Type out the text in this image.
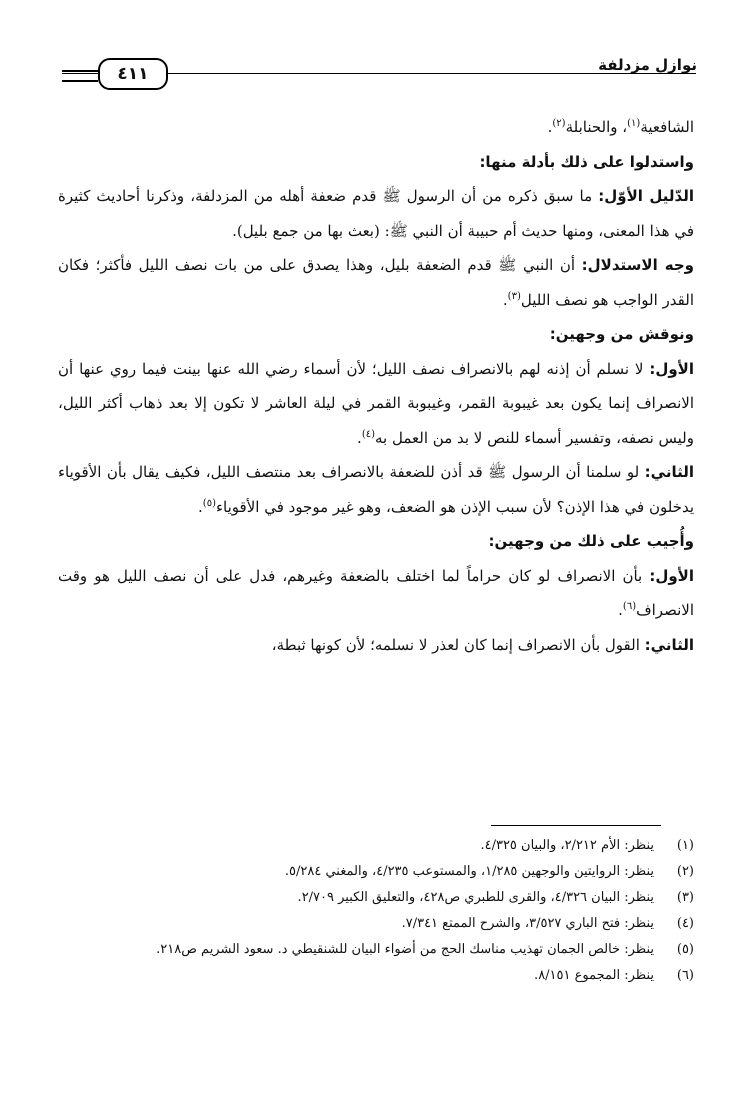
نوازل مزدلفة
٤١١

الشافعية$^{(١)}$، والحنابلة$^{(٢)}$.

واستدلوا على ذلك بأدلة منها:

الدّليل الأوّل: ما سبق ذكره من أن الرسول ﷺ قدم ضعفة أهله من المزدلفة، وذكرنا أحاديث كثيرة في هذا المعنى، ومنها حديث أم حبيبة أن النبي ﷺ: (بعث بها من جمع بليل).

وجه الاستدلال: أن النبي ﷺ قدم الضعفة بليل، وهذا يصدق على من بات نصف الليل فأكثر؛ فكان القدر الواجب هو نصف الليل$^{(٣)}$.

ونوقش من وجهين:

الأول: لا نسلم أن إذنه لهم بالانصراف نصف الليل؛ لأن أسماء رضي الله عنها بينت فيما روي عنها أن الانصراف إنما يكون بعد غيبوبة القمر، وغيبوبة القمر في ليلة العاشر لا تكون إلا بعد ذهاب أكثر الليل، وليس نصفه، وتفسير أسماء للنص لا بد من العمل به$^{(٤)}$.

الثاني: لو سلمنا أن الرسول ﷺ قد أذن للضعفة بالانصراف بعد منتصف الليل، فكيف يقال بأن الأقوياء يدخلون في هذا الإذن؟ لأن سبب الإذن هو الضعف، وهو غير موجود في الأقوياء$^{(٥)}$.

وأُجيب على ذلك من وجهين:

الأول: بأن الانصراف لو كان حراماً لما اختلف بالضعفة وغيرهم، فدل على أن نصف الليل هو وقت الانصراف$^{(٦)}$.

الثاني: القول بأن الانصراف إنما كان لعذر لا نسلمه؛ لأن كونها ثبطة،

(١)ينظر: الأم ٢/٢١٢، والبيان ٤/٣٢٥.

(٢)ينظر: الروايتين والوجهين ١/٢٨٥، والمستوعب ٤/٢٣٥، والمغني ٥/٢٨٤.

(٣)ينظر: البيان ٤/٣٢٦، والقرى للطبري ص٤٢٨، والتعليق الكبير ٢/٧٠٩.

(٤)ينظر: فتح الباري ٣/٥٢٧، والشرح الممتع ٧/٣٤١.

(٥)ينظر: خالص الجمان تهذيب مناسك الحج من أضواء البيان للشنقيطي د. سعود الشريم ص٢١٨.

(٦)ينظر: المجموع ٨/١٥١.
